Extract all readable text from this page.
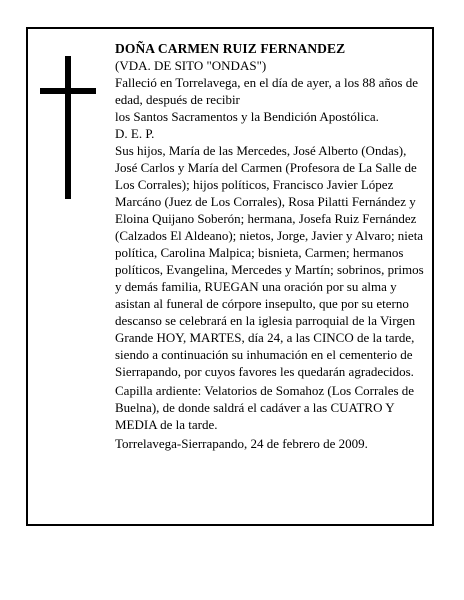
DOÑA CARMEN RUIZ FERNANDEZ

(VDA. DE SITO "ONDAS")

Falleció en Torrelavega, en el día de ayer, a los 88 años de edad, después de recibir

los Santos Sacramentos y la Bendición Apostólica.

D. E. P.

Sus hijos, María de las Mercedes, José Alberto (Ondas), José Carlos y María del Carmen (Profesora de La Salle de Los Corrales); hijos políticos, Francisco Javier López Marcáno (Juez de Los Corrales), Rosa Pilatti Fernández y Eloina Quijano Soberón; hermana, Josefa Ruiz Fernández (Calzados El Aldeano); nietos, Jorge, Javier y Alvaro; nieta política, Carolina Malpica; bisnieta, Carmen; hermanos políticos, Evangelina, Mercedes y Martín; sobrinos, primos y demás familia, RUEGAN una oración por su alma y asistan al funeral de córpore insepulto, que por su eterno descanso se celebrará en la iglesia parroquial de la Virgen Grande HOY, MARTES, día 24, a las CINCO de la tarde, siendo a continuación su inhumación en el cementerio de Sierrapando, por cuyos favores les quedarán agradecidos.

Capilla ardiente: Velatorios de Somahoz (Los Corrales de Buelna), de donde saldrá el cadáver a las CUATRO Y MEDIA de la tarde.

Torrelavega-Sierrapando, 24 de febrero de 2009.
